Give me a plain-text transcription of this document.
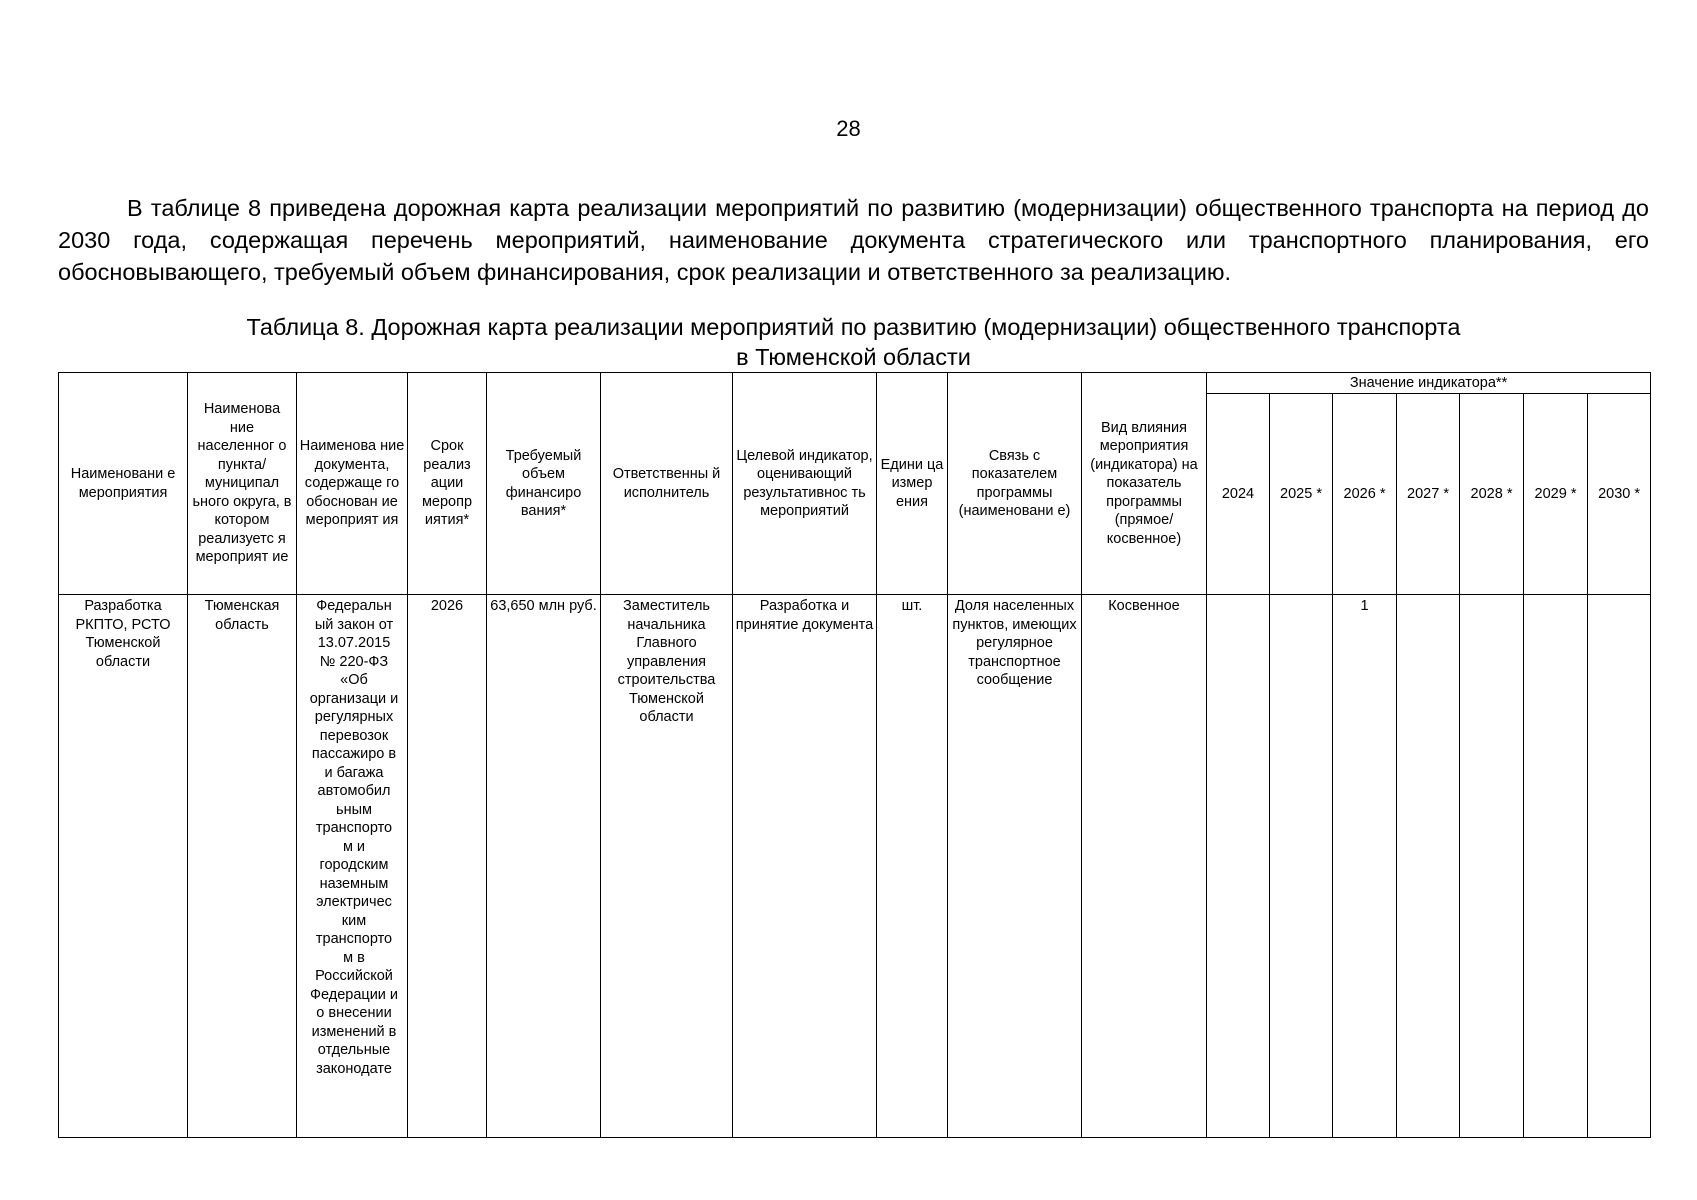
28

В таблице 8 приведена дорожная карта реализации мероприятий по развитию (модернизации) общественного транспорта на период до 2030 года, содержащая перечень мероприятий, наименование документа стратегического или транспортного планирования, его обосновывающего, требуемый объем финансирования, срок реализации и ответственного за реализацию.

Таблица 8. Дорожная карта реализации мероприятий по развитию (модернизации) общественного транспорта
в Тюменской области
Наименовани е мероприятия	Наименова ние населенног о пункта/ муниципал ьного округа, в котором реализуетс я мероприят ие	Наименова ние документа, содержаще го обоснован ие мероприят ия	Срок реализ ации меропр иятия*	Требуемый объем финансиро вания*	Ответственны й исполнитель	Целевой индикатор, оценивающий результативнос ть мероприятий	Едини ца измер ения	Связь с показателем программы (наименовани е)	Вид влияния мероприятия (индикатора) на показатель программы (прямое/ косвенное)	Значение индикатора**						
										2024	2025 *	2026 *	2027 *	2028 *	2029 *	2030 *
Разработка РКПТО, РСТО Тюменской области	Тюменская область	Федеральн ый закон от 13.07.2015 № 220-ФЗ «Об организаци и регулярных перевозок пассажиро в и багажа автомобил ьным транспорто м и городским наземным электричес ким транспорто м в Российской Федерации и о внесении изменений в отдельные законодате	2026	63,650 млн руб.	Заместитель начальника Главного управления строительства Тюменской области	Разработка и принятие документа	шт.	Доля населенных пунктов, имеющих регулярное транспортное сообщение	Косвенное			1				
